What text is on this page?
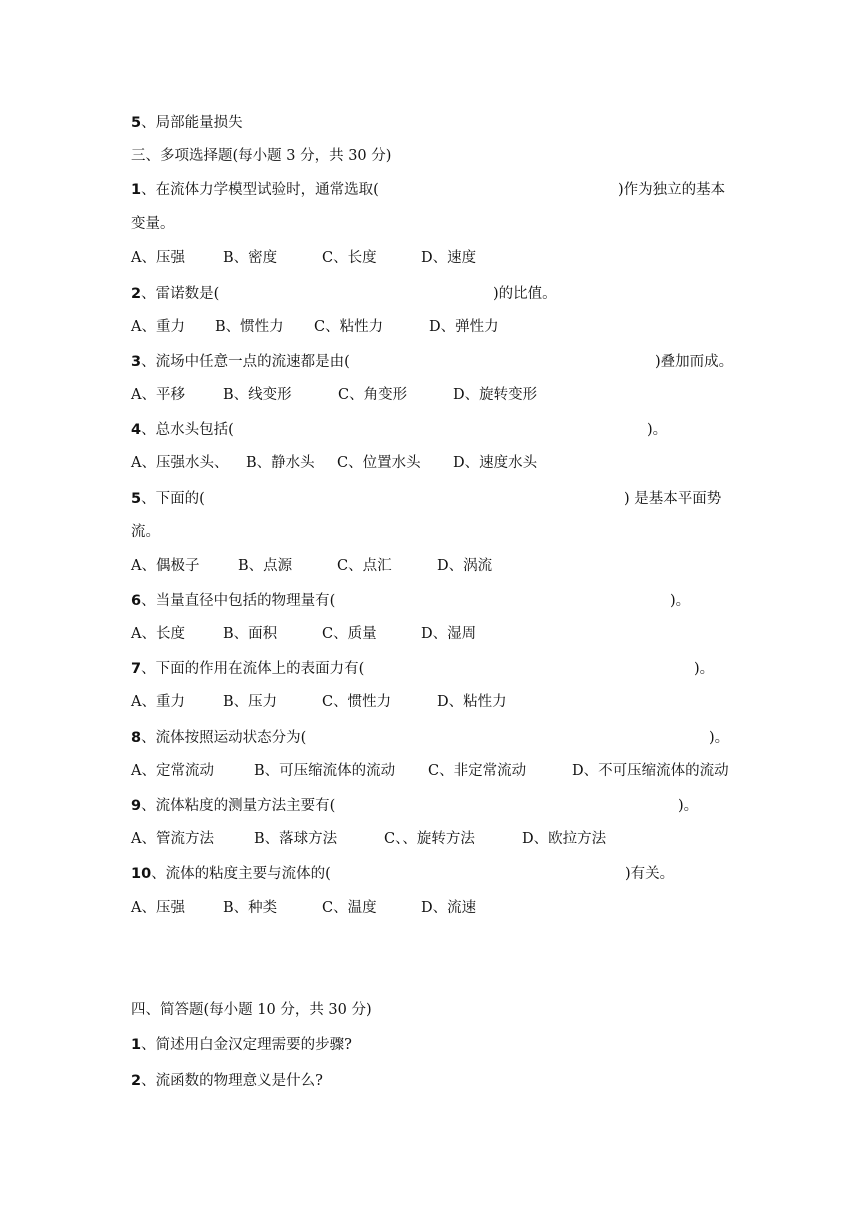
5、局部能量损失
三、多项选择题(每小题 3 分，共 30 分)
1、在流体力学模型试验时，通常选取(	)作为独立的基本
变量。
A、压强	B、密度	C、长度	D、速度
2、雷诺数是(	)的比值。
A、重力 B、惯性力 C、粘性力	D、弹性力
3、流场中任意一点的流速都是由(	)叠加而成。
A、平移	B、线变形	C、角变形	D、旋转变形
4、总水头包括(	)。
A、压强水头、 B、静水头 C、位置水头 D、速度水头
5、下面的(	) 是基本平面势
流。
A、偶极子	B、点源	C、点汇	D、涡流
6、当量直径中包括的物理量有(	)。
A、长度	B、面积	C、质量	D、湿周
7、下面的作用在流体上的表面力有(	)。
A、重力	B、压力	C、惯性力	D、粘性力
8、流体按照运动状态分为(	)。
A、定常流动	B、可压缩流体的流动 C、非定常流动	D、不可压缩流体的流动
9、流体粘度的测量方法主要有(	)。
A、管流方法	B、落球方法	C、、旋转方法	D、欧拉方法
10、流体的粘度主要与流体的(	)有关。
A、压强	B、种类	C、温度	D、流速
四、简答题(每小题 10 分，共 30 分)
1、简述用白金汉定理需要的步骤?
2、流函数的物理意义是什么?
